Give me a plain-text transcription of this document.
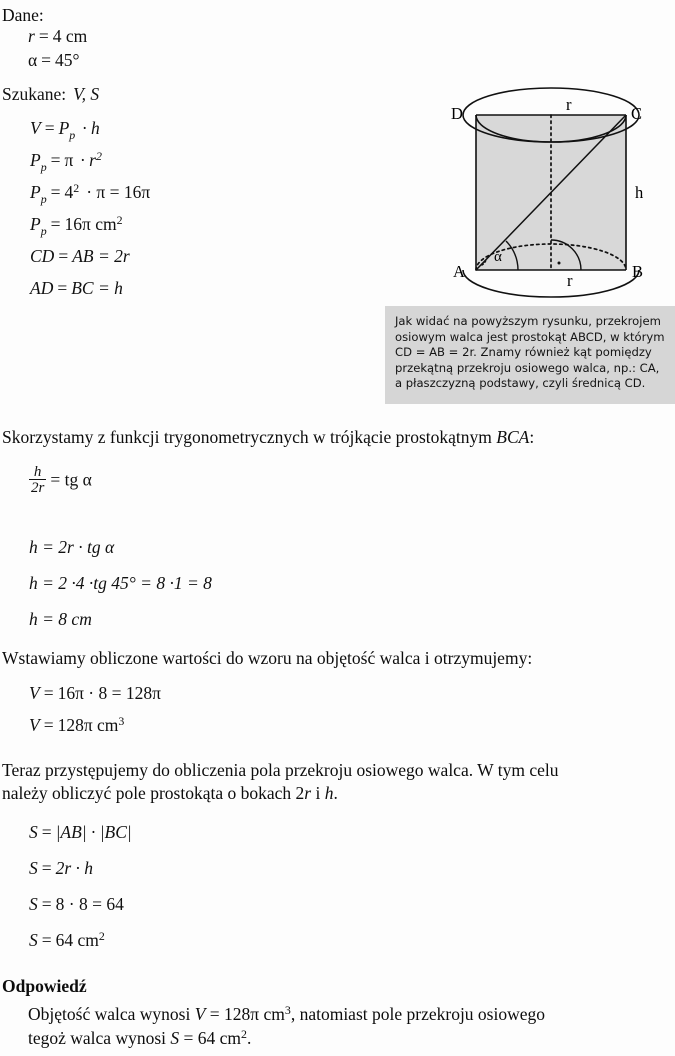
Dane:
r = 4 cm
α = 45°
Szukane: V, S
$V = P_p \cdot h$
$P_p = \pi \cdot r^2$
$P_p = 4^2 \cdot \pi = 16\pi$
$P_p = 16\pi$ $cm^2$
CD = AB = 2r
AD = BC = h
D	C
A	B
r
r
h
α
Jak widać na powyższym rysunku, przekrojem
osiowym walca jest prostokąt ABCD, w którym
CD = AB = 2r. Znamy również kąt pomiędzy
przekątną przekroju osiowego walca, np.: CA,
a płaszczyzną podstawy, czyli średnicą CD.
Skorzystamy z funkcji trygonometrycznych w trójkącie prostokątnym BCA:
$\frac{h}{2r}$ = tg α
h = 2r · tg α
h = 2 ·4 ·tg 45° = 8 ·1 = 8
h = 8 cm
Wstawiamy obliczone wartości do wzoru na objętość walca i otrzymujemy:
V = 16π · 8 = 128π
V = 128π $cm^3$
Teraz przystępujemy do obliczenia pola przekroju osiowego walca. W tym celu
należy obliczyć pole prostokąta o bokach 2r i h.
S = |AB| · |BC|
S = 2r · h
S = 8 · 8 = 64
S = 64 $cm^2$
Odpowiedź
Objętość walca wynosi V = 128π $cm^3$, natomiast pole przekroju osiowego
tegoż walca wynosi S = 64 $cm^2$.
